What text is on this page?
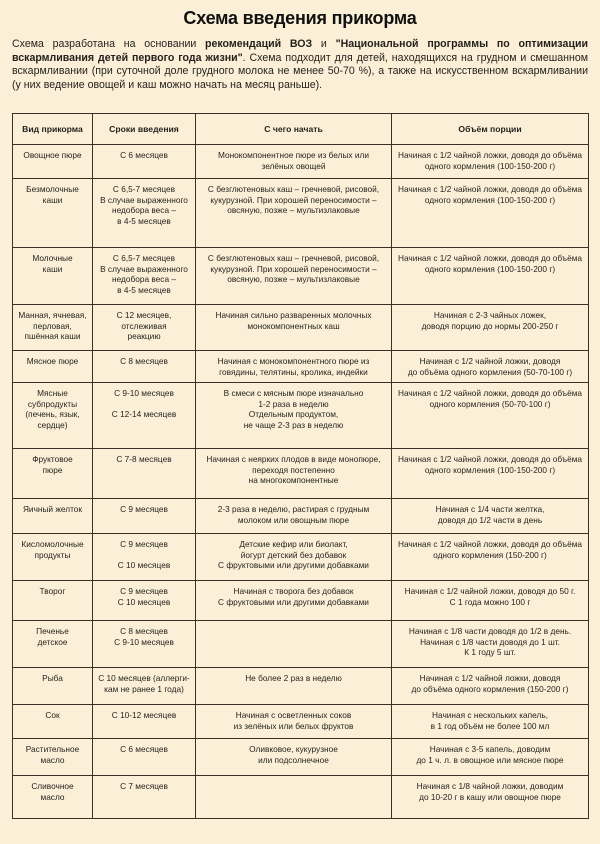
Схема введения прикорма

Схема разработана на основании рекомендаций ВОЗ и "Национальной программы по оптимизации вскармливания детей первого года жизни". Схема подходит для детей, находящихся на грудном и смешанном вскармливании (при суточной доле грудного молока не менее 50-70 %), а также на искусственном вскармливании (у них ведение овощей и каш можно начать на месяц раньше).

Вид прикорма	Сроки введения	С чего начать	Объём порции

Овощное пюре	С 6 месяцев	Монокомпонентное пюре из белых или
зелёных овощей	Начиная с 1/2 чайной ложки, доводя до объёма
одного кормления (100-150-200 г)

Безмолочные
каши	С 6,5-7 месяцев
В случае выраженного
недобора веса –
в 4-5 месяцев	С безглютеновых каш – гречневой, рисовой,
кукурузной. При хорошей переносимости –
овсяную, позже – мультизлаковые	Начиная с 1/2 чайной ложки, доводя до объёма
одного кормления (100-150-200 г)

Молочные
каши	С 6,5-7 месяцев
В случае выраженного
недобора веса –
в 4-5 месяцев	С безглютеновых каш – гречневой, рисовой,
кукурузной. При хорошей переносимости –
овсяную, позже – мультизлаковые	Начиная с 1/2 чайной ложки, доводя до объёма
одного кормления (100-150-200 г)

Манная, ячневая,
перловая,
пшённая каши	С 12 месяцев,
отслеживая
реакцию	Начиная сильно разваренных молочных
монокомпонентных каш	Начиная с 2-3 чайных ложек,
доводя порцию до нормы 200-250 г

Мясное пюре	С 8 месяцев	Начиная с монокомпонентного пюре из
говядины, телятины, кролика, индейки	Начиная с 1/2 чайной ложки, доводя
до объёма одного кормления (50-70-100 г)

Мясные
субпродукты
(печень, язык,
сердце)	С 9-10 месяцев

С 12-14 месяцев	В смеси с мясным пюре изначально
1-2 раза в неделю
Отдельным продуктом,
не чаще 2-3 раз в неделю	Начиная с 1/2 чайной ложки, доводя до объёма
одного кормления (50-70-100 г)

Фруктовое
пюре	С 7-8 месяцев	Начиная с неярких плодов в виде монопюре,
переходя постепенно
на многокомпонентные	Начиная с 1/2 чайной ложки, доводя до объёма
одного кормления (100-150-200 г)

Яичный желток	С 9 месяцев	2-3 раза в неделю, растирая с грудным
молоком или овощным пюре	Начиная с 1/4 части желтка,
доводя до 1/2 части в день

Кисломолочные
продукты	С 9 месяцев

С 10 месяцев	Детские кефир или биолакт,
йогурт детский без добавок
С фруктовыми или другими добавками	Начиная с 1/2 чайной ложки, доводя до объёма
одного кормления (150-200 г)

Творог	С 9 месяцев
С 10 месяцев	Начиная с творога без добавок
С фруктовыми или другими добавками	Начиная с 1/2 чайной ложки, доводя до 50 г.
С 1 года можно 100 г

Печенье
детское	С 8 месяцев
С 9-10 месяцев		Начиная с 1/8 части доводя до 1/2 в день.
Начиная с 1/8 части доводя до 1 шт.
К 1 году 5 шт.

Рыба	С 10 месяцев (аллерги-
кам не ранее 1 года)	Не более 2 раз в неделю	Начиная с 1/2 чайной ложки, доводя
до объёма одного кормления (150-200 г)

Сок	С 10-12 месяцев	Начиная с осветленных соков
из зелёных или белых фруктов	Начиная с нескольких капель,
в 1 год объём не более 100 мл

Растительное
масло	С 6 месяцев	Оливковое, кукурузное
или подсолнечное	Начиная с 3-5 капель, доводим
до 1 ч. л. в овощное или мясное пюре

Сливочное
масло	С 7 месяцев		Начиная с 1/8 чайной ложки, доводим
до 10-20 г в кашу или овощное пюре
